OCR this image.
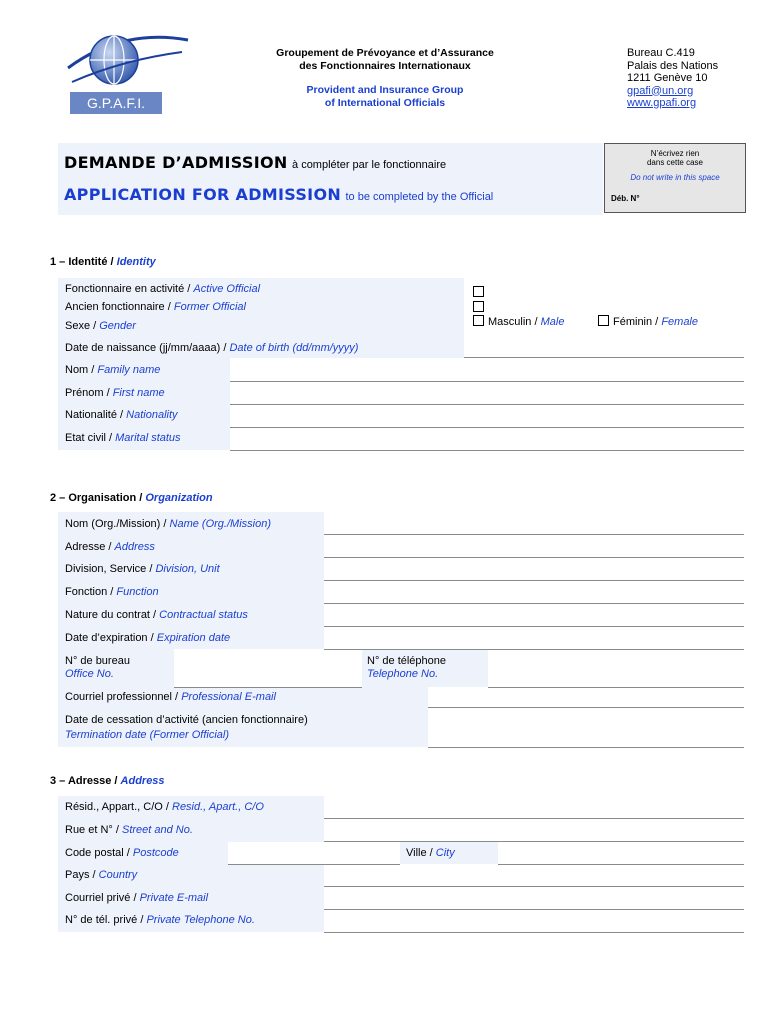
G.P.A.F.I.
Groupement de Prévoyance et d’Assurance
des Fonctionnaires Internationaux
Provident and Insurance Group
of International Officials
Bureau C.419
Palais des Nations
1211 Genève 10
gpafi@un.org
www.gpafi.org
DEMANDE D’ADMISSION à compléter par le fonctionnaire
APPLICATION FOR ADMISSION to be completed by the Official
N’écrivez rien
dans cette case
Do not write in this space
Déb. N°
1 – Identité / Identity
Fonctionnaire en activité / Active Official
Ancien fonctionnaire / Former Official
Sexe / Gender
Date de naissance (jj/mm/aaaa) / Date of birth (dd/mm/yyyy)
Masculin / Male	Féminin / Female
Nom / Family name
Prénom / First name
Nationalité / Nationality
Etat civil / Marital status
2 – Organisation / Organization
Nom (Org./Mission) / Name (Org./Mission)
Adresse / Address
Division, Service / Division, Unit
Fonction / Function
Nature du contrat / Contractual status
Date d’expiration / Expiration date
N° de bureau
Office No.
N° de téléphone
Telephone No.
Courriel professionnel / Professional E-mail
Date de cessation d’activité (ancien fonctionnaire)
Termination date (Former Official)
3 – Adresse / Address
Résid., Appart., C/O / Resid., Apart., C/O
Rue et N° / Street and No.
Code postal / Postcode	Ville / City
Pays / Country
Courriel privé / Private E-mail
N° de tél. privé / Private Telephone No.
